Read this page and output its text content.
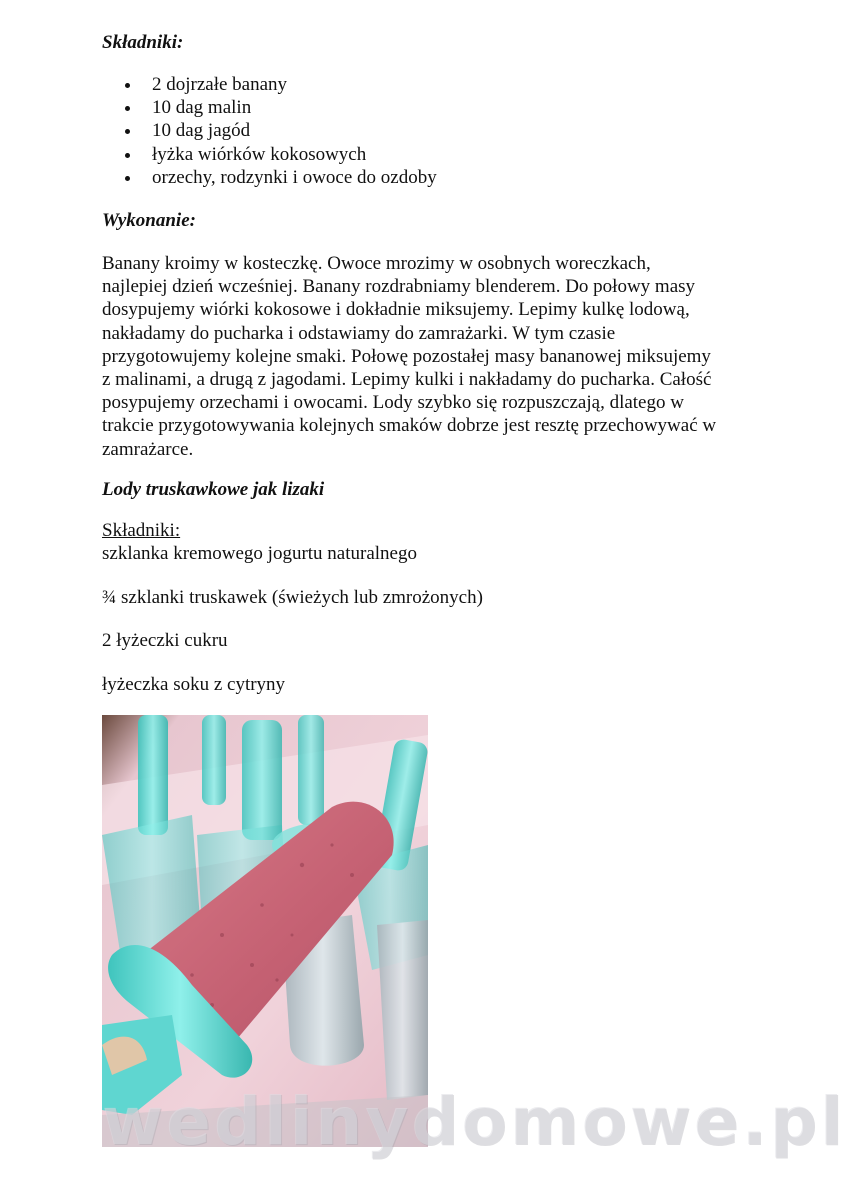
Składniki:
2 dojrzałe banany
10 dag malin
10 dag jagód
łyżka wiórków kokosowych
orzechy, rodzynki i owoce do ozdoby
Wykonanie:
Banany kroimy w kosteczkę. Owoce mrozimy w osobnych woreczkach,
najlepiej dzień wcześniej. Banany rozdrabniamy blenderem. Do połowy masy
dosypujemy wiórki kokosowe i dokładnie miksujemy. Lepimy kulkę lodową,
nakładamy do pucharka i odstawiamy do zamrażarki. W tym czasie
przygotowujemy kolejne smaki. Połowę pozostałej masy bananowej miksujemy
z malinami, a drugą z jagodami. Lepimy kulki i nakładamy do pucharka. Całość
posypujemy orzechami i owocami. Lody szybko się rozpuszczają, dlatego w
trakcie przygotowywania kolejnych smaków dobrze jest resztę przechowywać w
zamrażarce.
Lody truskawkowe jak lizaki
Składniki:
szklanka kremowego jogurtu naturalnego
¾ szklanki truskawek (świeżych lub zmrożonych)
2 łyżeczki cukru
łyżeczka soku z cytryny
wedlinydomowe.pl
